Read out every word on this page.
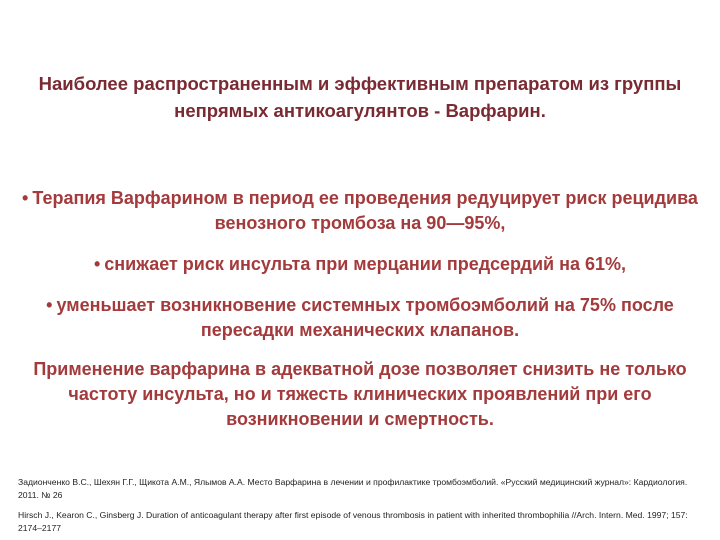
Наиболее распространенным и эффективным препаратом из группы непрямых антикоагулянтов - Варфарин.
• Терапия Варфарином в период ее проведения редуцирует риск рецидива венозного тромбоза на 90—95%,
• снижает риск инсульта при мерцании предсердий на 61%,
• уменьшает возникновение системных тромбоэмболий на 75% после пересадки механических клапанов.
Применение варфарина в адекватной дозе позволяет снизить не только частоту инсульта, но и тяжесть клинических проявлений при его возникновении и смертность.
Задионченко В.С., Шехян Г.Г., Щикота А.М., Ялымов А.А. Место Варфарина в лечении и профилактике тромбоэмболий. «Русский медицинский журнал»: Кардиология. 2011. № 26
Hirsch J., Kearon C., Ginsberg J. Duration of anticoagulant therapy after first episode of venous thrombosis in patient with inherited thrombophilia //Arch. Intern. Med. 1997; 157: 2174–2177
